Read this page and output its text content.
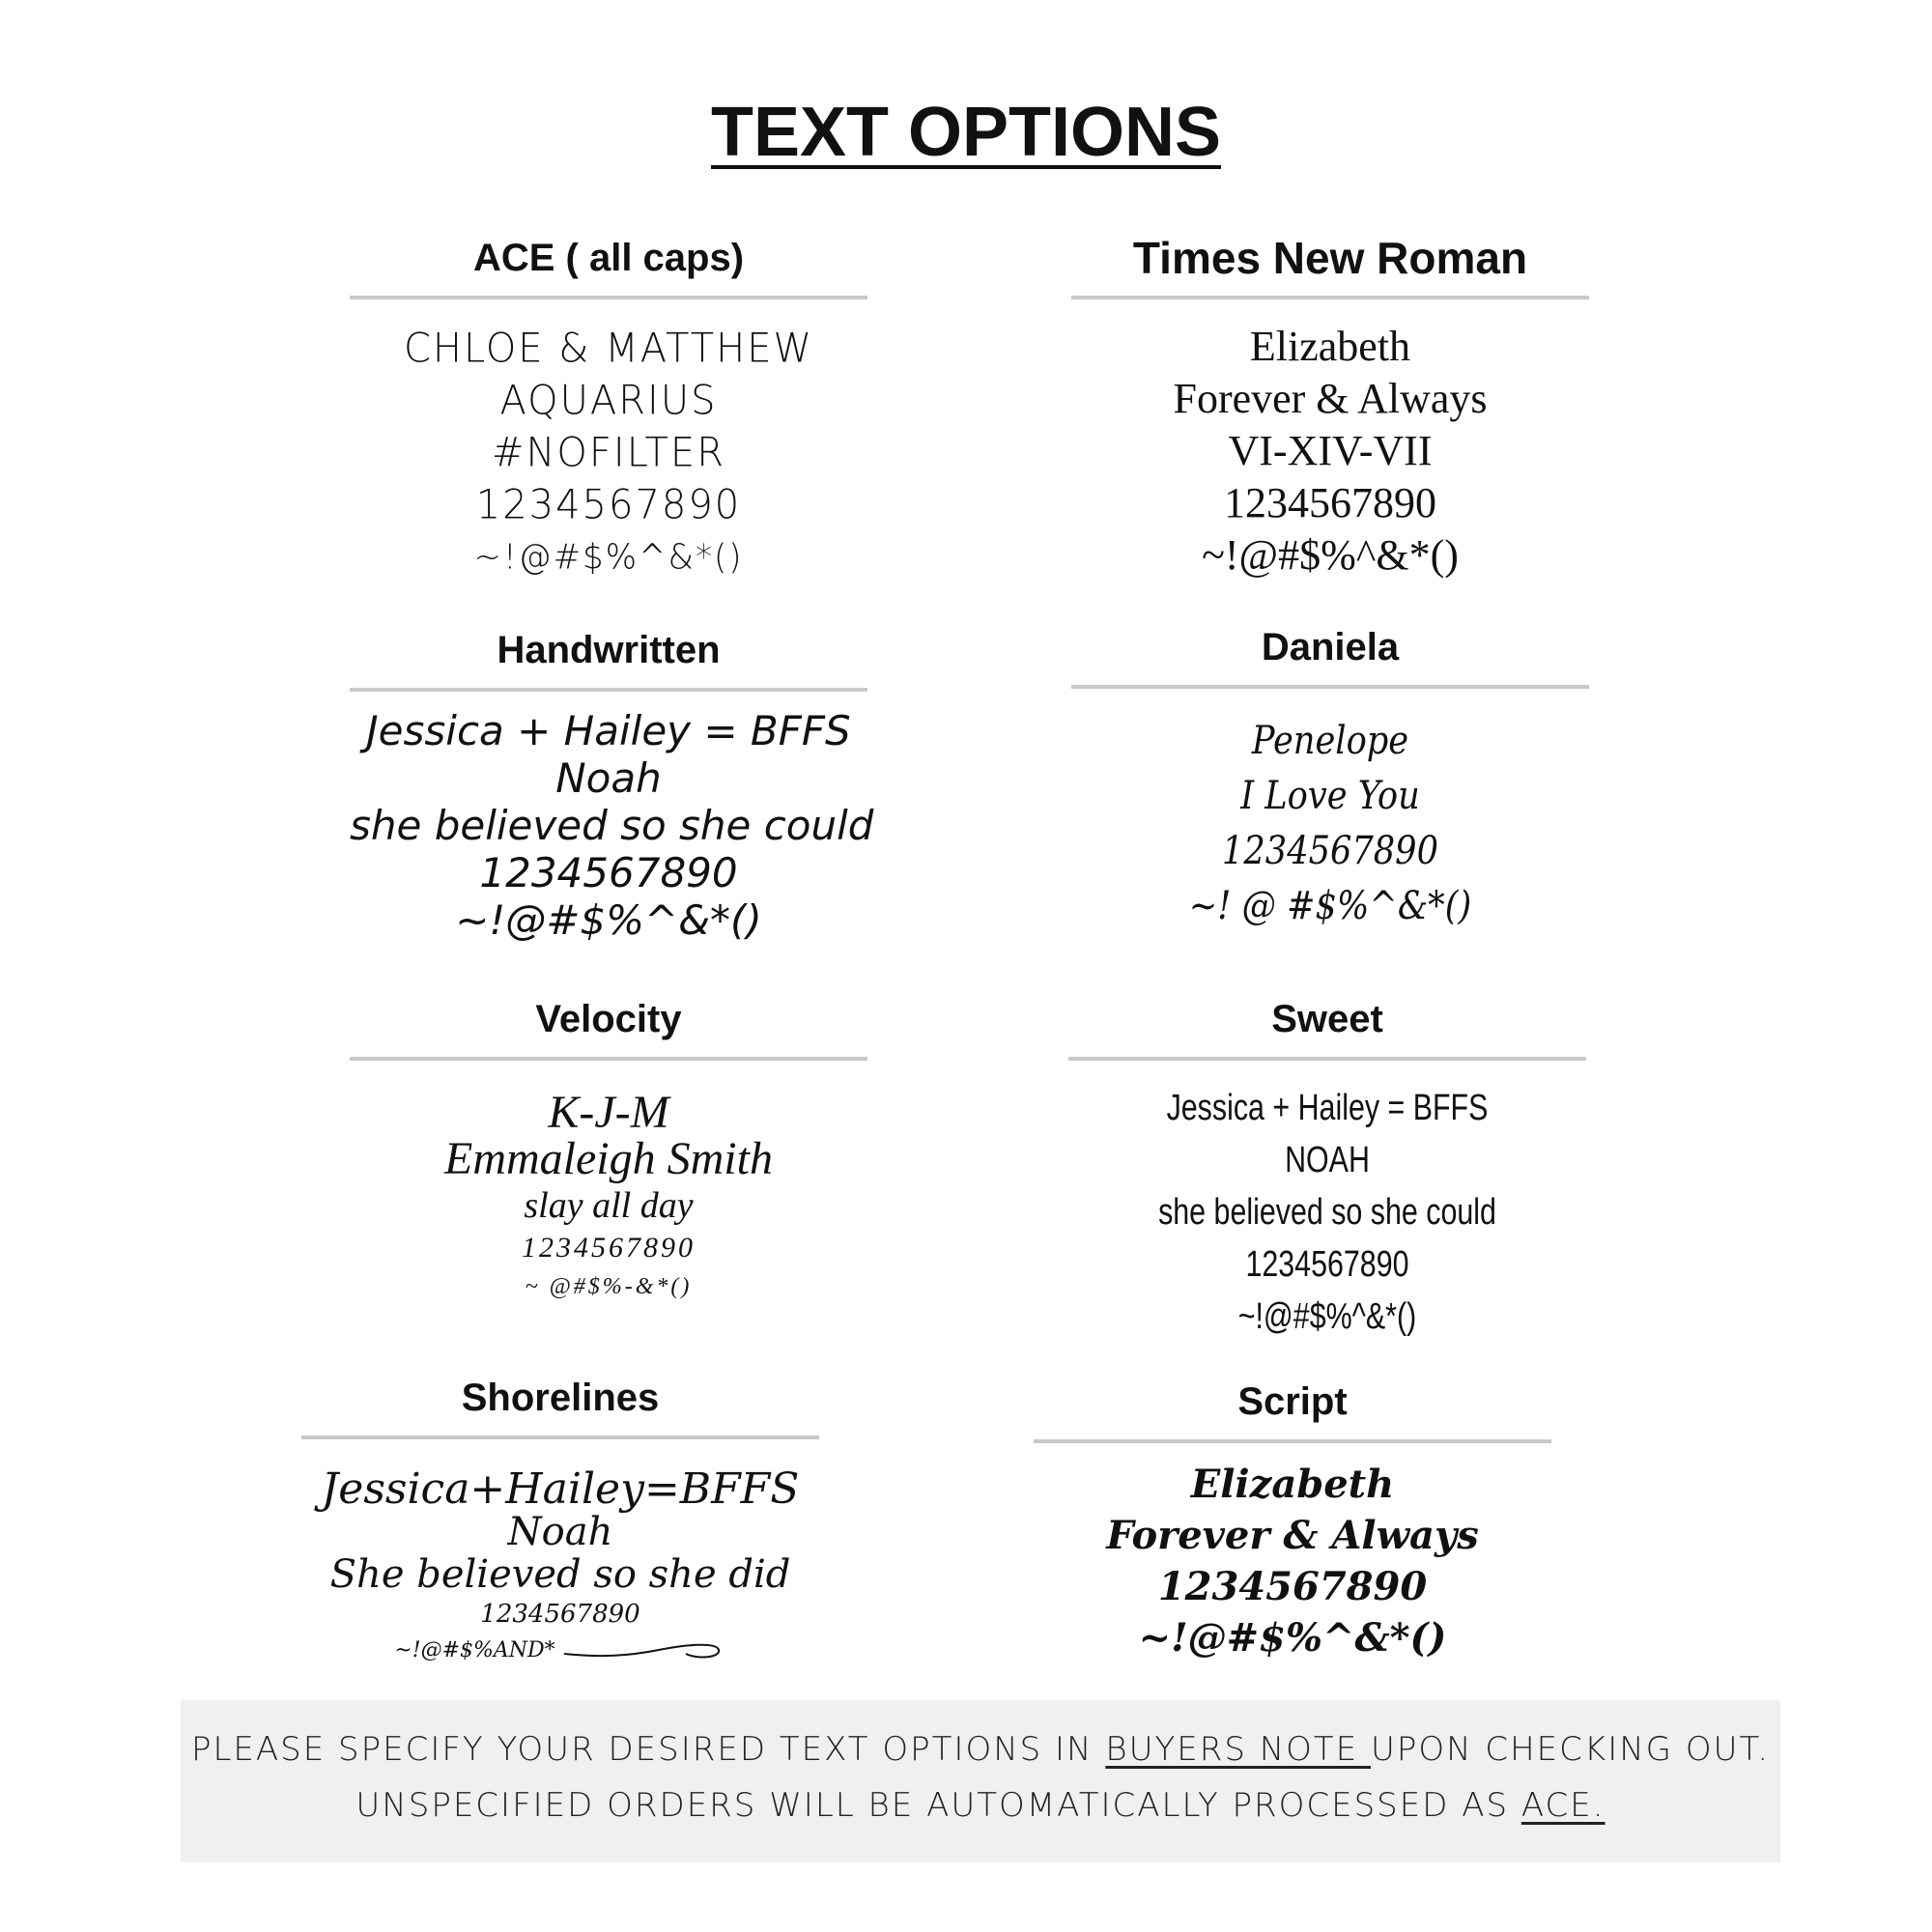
TEXT OPTIONS
ACE ( all caps)
CHLOE & MATTHEW
AQUARIUS
#NOFILTER
1234567890
~!@#$%^&*()
Times New Roman
Elizabeth
Forever & Always
VI-XIV-VII
1234567890
~!@#$%^&*()
Handwritten
Jessica + Hailey = BFFS
Noah
she believed so she could
1234567890
~!@#$%^&*()
Daniela
Penelope
I Love You
1234567890
~! @ #$%^&*()
Velocity
K-J-M
Emmaleigh Smith
slay all day
1234567890
~ @#$%-&*()
Sweet
Jessica + Hailey = BFFS
NOAH
she believed so she could
1234567890
~!@#$%^&*()
Shorelines
Jessica+Hailey=BFFS
Noah
She believed so she did
1234567890
~!@#$%AND*
Script
Elizabeth
Forever & Always
1234567890
~!@#$%^&*()
PLEASE SPECIFY YOUR DESIRED TEXT OPTIONS IN BUYERS NOTE UPON CHECKING OUT.
UNSPECIFIED ORDERS WILL BE AUTOMATICALLY PROCESSED AS ACE.
